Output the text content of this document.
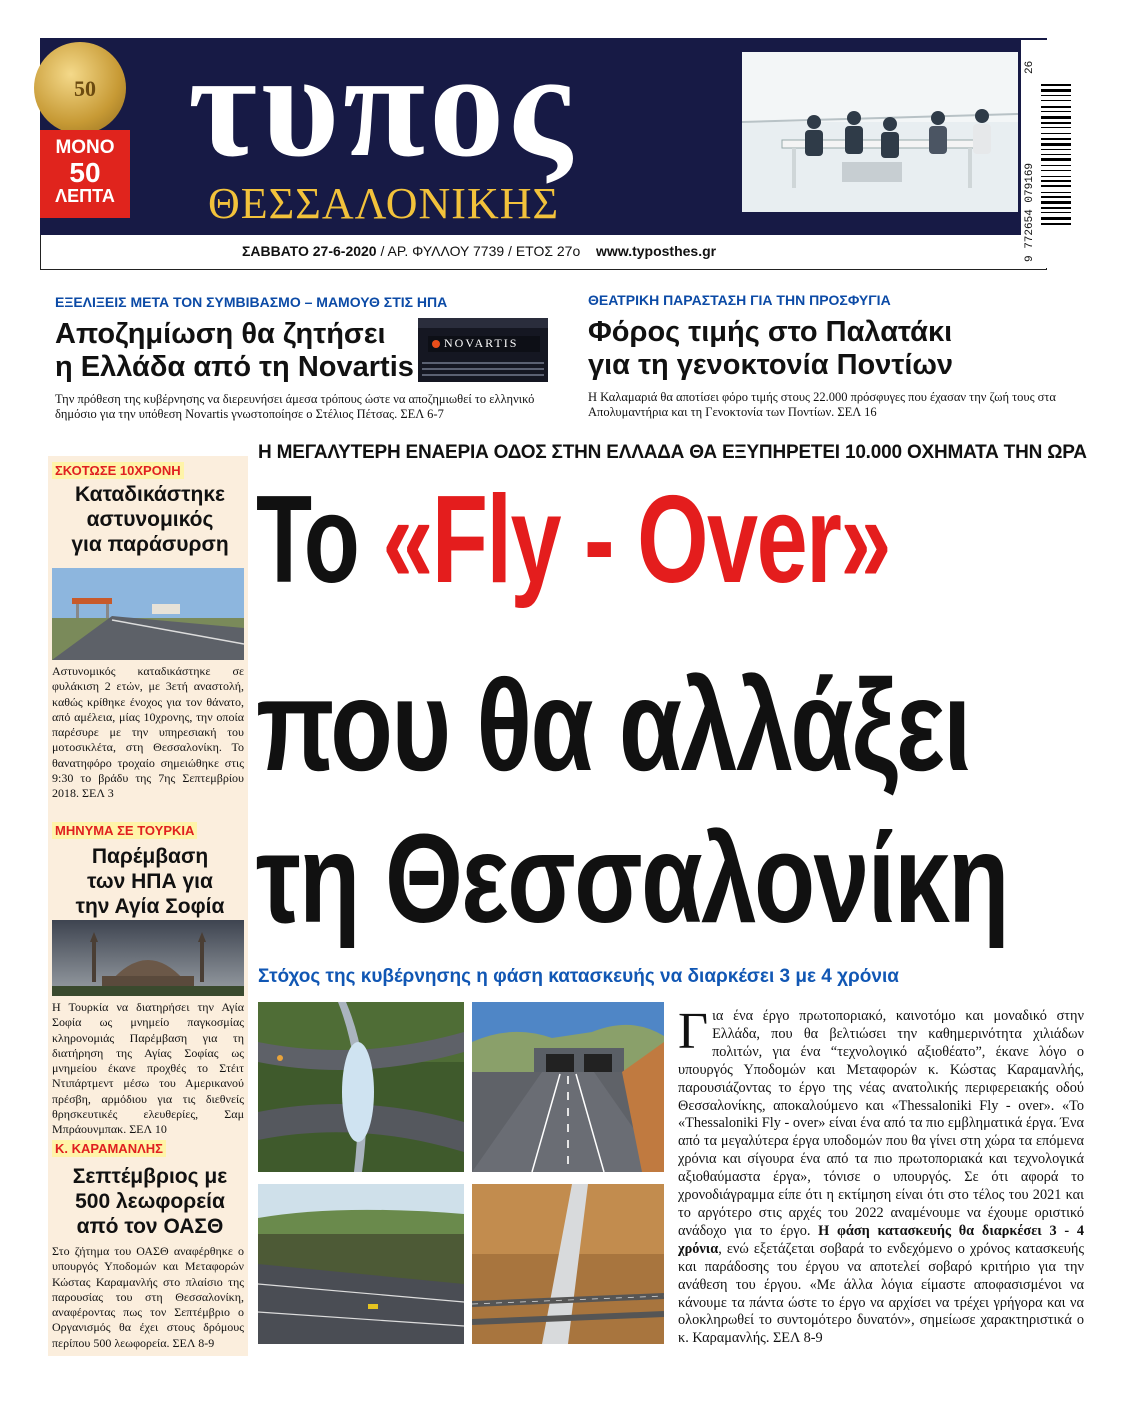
50
ΜΟΝΟ
50
ΛΕΠΤΑ
τυπος
ΘΕΣΣΑΛΟΝΙΚΗΣ
26
ΣΑΒΒΑΤΟ 27-6-2020 / ΑΡ. ΦΥΛΛΟΥ 7739 / ΕΤΟΣ 27ο www.typosthes.gr
ΕΞΕΛΙΞΕΙΣ ΜΕΤΑ ΤΟΝ ΣΥΜΒΙΒΑΣΜΟ – ΜΑΜΟΥΘ ΣΤΙΣ ΗΠΑ
Αποζημίωση θα ζητήσει
η Ελλάδα από τη Novartis
NOVARTIS
Την πρόθεση της κυβέρνησης να διερευνήσει άμεσα τρόπους ώστε να αποζημιωθεί το ελληνικό δημόσιο για την υπόθεση Novartis γνωστοποίησε ο Στέλιος Πέτσας. ΣΕΛ 6-7
ΘΕΑΤΡΙΚΗ ΠΑΡΑΣΤΑΣΗ ΓΙΑ ΤΗΝ ΠΡΟΣΦΥΓΙΑ
Φόρος τιμής στο Παλατάκι
για τη γενοκτονία Ποντίων
Η Καλαμαριά θα αποτίσει φόρο τιμής στους 22.000 πρόσφυγες που έχασαν την ζωή τους στα Απολυμαντήρια και τη Γενοκτονία των Ποντίων. ΣΕΛ 16
ΣΚΟΤΩΣΕ 10ΧΡΟΝΗ
Καταδικάστηκε
αστυνομικός
για παράσυρση
Αστυνομικός καταδικάστηκε σε φυλάκιση 2 ετών, με 3ετή αναστολή, καθώς κρίθηκε ένοχος για τον θάνατο, από αμέλεια, μίας 10χρονης, την οποία παρέσυρε με την υπηρεσιακή του μοτοσικλέτα, στη Θεσσαλονίκη. Το θανατηφόρο τροχαίο σημειώθηκε στις 9:30 το βράδυ της 7ης Σεπτεμβρίου 2018. ΣΕΛ 3
ΜΗΝΥΜΑ ΣΕ ΤΟΥΡΚΙΑ
Παρέμβαση
των ΗΠΑ για
την Αγία Σοφία
Η Τουρκία να διατηρήσει την Αγία Σοφία ως μνημείο παγκοσμίας κληρονομιάς Παρέμβαση για τη διατήρηση της Αγίας Σοφίας ως μνημείου έκανε προχθές το Στέιτ Ντιπάρτμεντ μέσω του Αμερικανού πρέσβη, αρμόδιου για τις διεθνείς θρησκευτικές ελευθερίες, Σαμ Μπράουνμπακ. ΣΕΛ 10
Κ. ΚΑΡΑΜΑΝΛΗΣ
Σεπτέμβριος με
500 λεωφορεία
από τον ΟΑΣΘ
Στο ζήτημα του ΟΑΣΘ αναφέρθηκε ο υπουργός Υποδομών και Μεταφορών Κώστας Καραμανλής στο πλαίσιο της παρουσίας του στη Θεσσαλονίκη, αναφέροντας πως τον Σεπτέμβριο ο Οργανισμός θα έχει στους δρόμους περίπου 500 λεωφορεία. ΣΕΛ 8-9
Η ΜΕΓΑΛΥΤΕΡΗ ΕΝΑΕΡΙΑ ΟΔΟΣ ΣΤΗΝ ΕΛΛΑΔΑ ΘΑ ΕΞΥΠΗΡΕΤΕΙ 10.000 ΟΧΗΜΑΤΑ ΤΗΝ ΩΡΑ
Το «Fly - Over»
που θα αλλάξει
τη Θεσσαλονίκη
Στόχος της κυβέρνησης η φάση κατασκευής να διαρκέσει 3 με 4 χρόνια
Για ένα έργο πρωτοποριακό, καινοτόμο και μοναδικό στην Ελλάδα, που θα βελτιώσει την καθημερινότητα χιλιάδων πολιτών, για ένα “τεχνολογικό αξιοθέατο”, έκανε λόγο ο υπουργός Υποδομών και Μεταφορών κ. Κώστας Καραμανλής, παρουσιάζοντας το έργο της νέας ανατολικής περιφερειακής οδού Θεσσαλονίκης, αποκαλούμενο και «Thessaloniki Fly - over». «Το «Thessaloniki Fly - over» είναι ένα από τα πιο εμβληματικά έργα. Ένα από τα μεγαλύτερα έργα υποδομών που θα γίνει στη χώρα τα επόμενα χρόνια και σίγουρα ένα από τα πιο πρωτοποριακά και τεχνολογικά αξιοθαύμαστα έργα», τόνισε ο υπουργός. Σε ότι αφορά το χρονοδιάγραμμα είπε ότι η εκτίμηση είναι ότι στο τέλος του 2021 και το αργότερο στις αρχές του 2022 αναμένουμε να έχουμε οριστικό ανάδοχο για το έργο. Η φάση κατασκευής θα διαρκέσει 3 - 4 χρόνια, ενώ εξετάζεται σοβαρά το ενδεχόμενο ο χρόνος κατασκευής και παράδοσης του έργου να αποτελεί σοβαρό κριτήριο για την ανάθεση του έργου. «Με άλλα λόγια είμαστε αποφασισμένοι να κάνουμε τα πάντα ώστε το έργο να αρχίσει να τρέχει γρήγορα και να ολοκληρωθεί το συντομότερο δυνατόν», σημείωσε χαρακτηριστικά ο κ. Καραμανλής. ΣΕΛ 8-9
